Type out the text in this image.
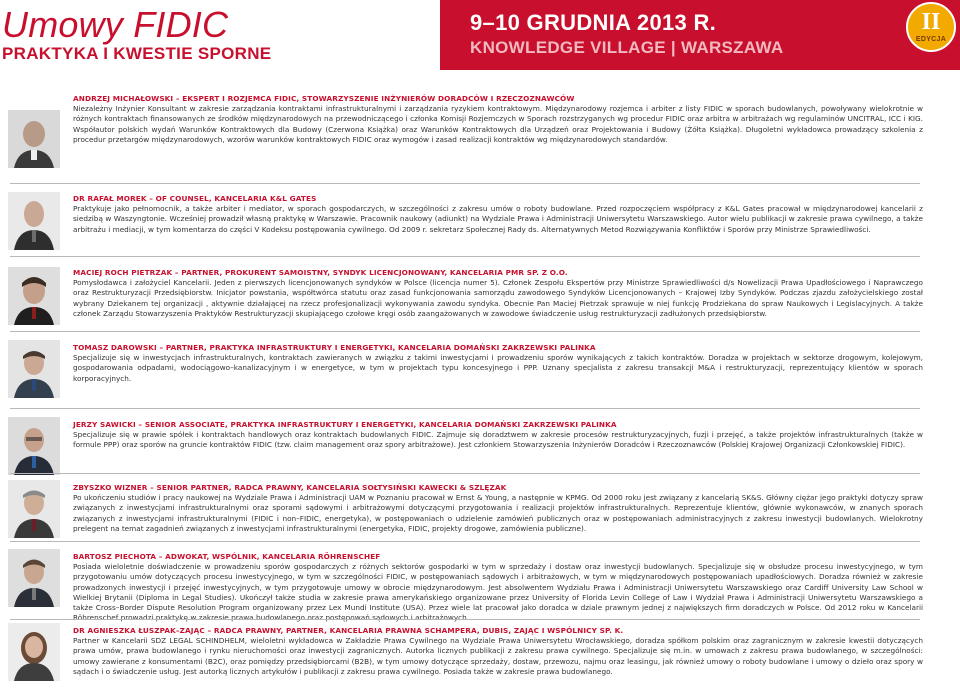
Umowy FIDIC
PRAKTYKA I KWESTIE SPORNE
9–10 GRUDNIA 2013 R.
KNOWLEDGE VILLAGE | WARSZAWA
II
EDYCJA
ANDRZEJ MICHAŁOWSKI – EKSPERT I ROZJEMCA FIDIC, STOWARZYSZENIE INŻYNIERÓW DORADCÓW I RZECZOZNAWCÓW
Niezależny Inżynier Konsultant w zakresie zarządzania kontraktami infrastrukturalnymi i zarządzania ryzykiem kontraktowym. Międzynarodowy rozjemca i arbiter z listy FIDIC w sporach budowlanych, powoływany wielokrotnie w różnych kontraktach finansowanych ze środków międzynarodowych na przewodniczącego i członka Komisji Rozjemczych w Sporach rozstrzyganych wg procedur FIDIC oraz arbitra w arbitrażach wg regulaminów UNCITRAL, ICC i KIG. Współautor polskich wydań Warunków Kontraktowych dla Budowy (Czerwona Książka) oraz Warunków Kontraktowych dla Urządzeń oraz Projektowania i Budowy (Żółta Książka). Długoletni wykładowca prowadzący szkolenia z procedur przetargów międzynarodowych, wzorów warunków kontraktowych FIDIC oraz wymogów i zasad realizacji kontraktów wg międzynarodowych standardów.
DR RAFAŁ MOREK – OF COUNSEL, KANCELARIA K&L GATES
Praktykuje jako pełnomocnik, a także arbiter i mediator, w sporach gospodarczych, w szczególności z zakresu umów o roboty budowlane. Przed rozpoczęciem współpracy z K&L Gates pracował w międzynarodowej kancelarii z siedzibą w Waszyngtonie. Wcześniej prowadził własną praktykę w Warszawie. Pracownik naukowy (adiunkt) na Wydziale Prawa i Administracji Uniwersytetu Warszawskiego. Autor wielu publikacji w zakresie prawa cywilnego, a także arbitrażu i mediacji, w tym komentarza do części V Kodeksu postępowania cywilnego. Od 2009 r. sekretarz Społecznej Rady ds. Alternatywnych Metod Rozwiązywania Konfliktów i Sporów przy Ministrze Sprawiedliwości.
MACIEJ ROCH PIETRZAK – PARTNER, PROKURENT SAMOISTNY, SYNDYK LICENCJONOWANY, KANCELARIA PMR SP. Z O.O.
Pomysłodawca i założyciel Kancelarii. Jeden z pierwszych licencjonowanych syndyków w Polsce (licencja numer 5). Członek Zespołu Ekspertów przy Ministrze Sprawiedliwości d/s Nowelizacji Prawa Upadłościowego i Naprawczego oraz Restrukturyzacji Przedsiębiorstw. Inicjator powstania, współtwórca statutu oraz zasad funkcjonowania samorządu zawodowego Syndyków Licencjonowanych – Krajowej Izby Syndyków. Podczas zjazdu założycielskiego został wybrany Dziekanem tej organizacji , aktywnie działającej na rzecz profesjonalizacji wykonywania zawodu syndyka. Obecnie Pan Maciej Pietrzak sprawuje w niej funkcję Prodziekana do spraw Naukowych i Legislacyjnych. A także członek Zarządu Stowarzyszenia Praktyków Restrukturyzacji skupiającego czołowe kręgi osób zaangażowanych w zawodowe świadczenie usług restrukturyzacji zadłużonych przedsiębiorstw.
TOMASZ DAROWSKI – PARTNER, PRAKTYKA INFRASTRUKTURY I ENERGETYKI, KANCELARIA DOMAŃSKI ZAKRZEWSKI PALINKA
Specjalizuje się w inwestycjach infrastrukturalnych, kontraktach zawieranych w związku z takimi inwestycjami i prowadzeniu sporów wynikających z takich kontraktów. Doradza w projektach w sektorze drogowym, kolejowym, gospodarowania odpadami, wodociągowo–kanalizacyjnym i w energetyce, w tym w projektach typu koncesyjnego i PPP. Uznany specjalista z zakresu transakcji M&A i restrukturyzacji, reprezentujący klientów w sporach korporacyjnych.
JERZY SAWICKI – SENIOR ASSOCIATE, PRAKTYKA INFRASTRUKTURY I ENERGETYKI, KANCELARIA DOMAŃSKI ZAKRZEWSKI PALINKA
Specjalizuje się w prawie spółek i kontraktach handlowych oraz kontraktach budowlanych FIDIC. Zajmuje się doradztwem w zakresie procesów restrukturyzacyjnych, fuzji i przejęć, a także projektów infrastrukturalnych (także w formule PPP) oraz sporów na gruncie kontraktów FIDIC (tzw. claim management oraz spory arbitrażowe). Jest członkiem Stowarzyszenia Inżynierów Doradców i Rzeczoznawców (Polskiej Krajowej Organizacji Członkowskiej FIDIC).
ZBYSZKO WIZNER – SENIOR PARTNER, RADCA PRAWNY, KANCELARIA SOŁTYSIŃSKI KAWECKI & SZLĘZAK
Po ukończeniu studiów i pracy naukowej na Wydziale Prawa i Administracji UAM w Poznaniu pracował w Ernst & Young, a następnie w KPMG. Od 2000 roku jest związany z kancelarią SK&S. Główny ciężar jego praktyki dotyczy spraw związanych z inwestycjami infrastrukturalnymi oraz sporami sądowymi i arbitrażowymi dotyczącymi przygotowania i realizacji projektów infrastrukturalnych. Reprezentuje klientów, głównie wykonawców, w znanych sporach związanych z inwestycjami infrastrukturalnymi (FIDIC i non–FIDIC, energetyka), w postępowaniach o udzielenie zamówień publicznych oraz w postępowaniach administracyjnych z zakresu inwestycji budowlanych. Wielokrotny prelegent na temat zagadnień związanych z inwestycjami infrastrukturalnymi (energetyka, FIDIC, projekty drogowe, zamówienia publiczne).
BARTOSZ PIECHOTA – ADWOKAT, WSPÓLNIK, KANCELARIA RÖHRENSCHEF
Posiada wieloletnie doświadczenie w prowadzeniu sporów gospodarczych z różnych sektorów gospodarki w tym w sprzedaży i dostaw oraz inwestycji budowlanych. Specjalizuje się w obsłudze procesu inwestycyjnego, w tym przygotowaniu umów dotyczących procesu inwestycyjnego, w tym w szczególności FIDIC, w postępowaniach sądowych i arbitrażowych, w tym w międzynarodowych postępowaniach upadłościowych. Doradza również w zakresie prowadzonych inwestycji i przejęć inwestycyjnych, w tym przygotowuje umowy w obrocie międzynarodowym. Jest absolwentem Wydziału Prawa i Administracji Uniwersytetu Warszawskiego oraz Cardiff University Law School w Wielkiej Brytanii (Diploma in Legal Studies). Ukończył także studia w zakresie prawa amerykańskiego organizowane przez University of Florida Levin College of Law i Wydział Prawa i Administracji Uniwersytetu Warszawskiego a także Cross–Border Dispute Resolution Program organizowany przez Lex Mundi Institute (USA). Przez wiele lat pracował jako doradca w dziale prawnym jednej z największych firm doradczych w Polsce. Od 2012 roku w Kancelarii Röhrenschef prowadzi praktykę w zakresie prawa budowlanego oraz postępowań sądowych i arbitrażowych.
DR AGNIESZKA ŁUSZPAK–ZAJĄC – RADCA PRAWNY, PARTNER, KANCELARIA PRAWNA SCHAMPERA, DUBIS, ZAJĄC I WSPÓLNICY SP. K.
Partner w Kancelarii SDZ LEGAL SCHINDHELM, wieloletni wykładowca w Zakładzie Prawa Cywilnego na Wydziale Prawa Uniwersytetu Wrocławskiego, doradza spółkom polskim oraz zagranicznym w zakresie kwestii dotyczących prawa umów, prawa budowlanego i rynku nieruchomości oraz inwestycji zagranicznych. Autorka licznych publikacji z zakresu prawa cywilnego. Specjalizuje się m.in. w umowach z zakresu prawa budowlanego, w szczególności: umowy zawierane z konsumentami (B2C), oraz pomiędzy przedsiębiorcami (B2B), w tym umowy dotyczące sprzedaży, dostaw, przewozu, najmu oraz leasingu, jak również umowy o roboty budowlane i umowy o dzieło oraz spory w sądach i o świadczenie usług. Jest autorką licznych artykułów i publikacji z zakresu prawa cywilnego. Posiada także w zakresie prawa budowlanego.
